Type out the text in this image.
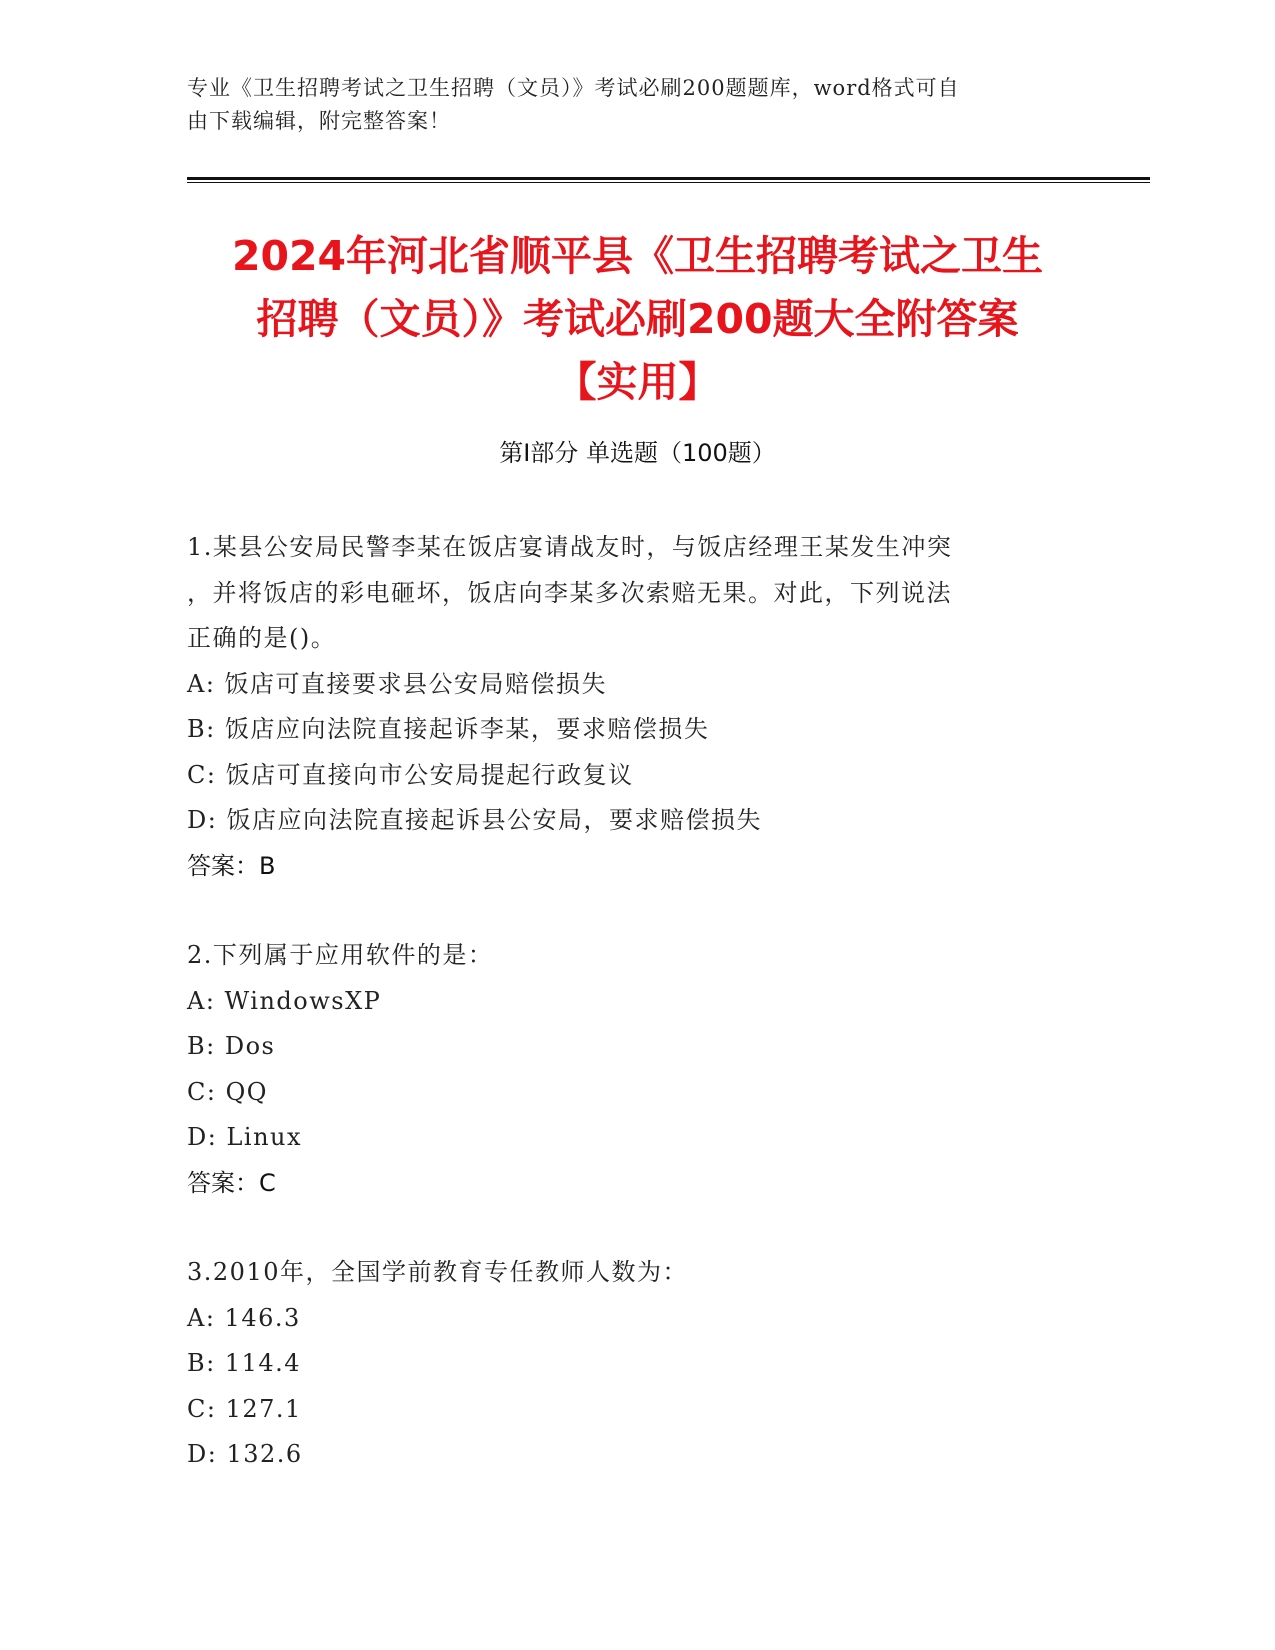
专业《卫生招聘考试之卫生招聘（文员）》考试必刷200题题库，word格式可自
由下载编辑，附完整答案！
2024年河北省顺平县《卫生招聘考试之卫生
招聘（文员）》考试必刷200题大全附答案
【实用】
第Ⅰ部分 单选题（100题）
1.某县公安局民警李某在饭店宴请战友时，与饭店经理王某发生冲突
，并将饭店的彩电砸坏，饭店向李某多次索赔无果。对此，下列说法
正确的是()。
A: 饭店可直接要求县公安局赔偿损失
B: 饭店应向法院直接起诉李某，要求赔偿损失
C: 饭店可直接向市公安局提起行政复议
D: 饭店应向法院直接起诉县公安局，要求赔偿损失
答案：B
2.下列属于应用软件的是：
A: WindowsXP
B: Dos
C: QQ
D: Linux
答案：C
3.2010年，全国学前教育专任教师人数为：
A: 146.3
B: 114.4
C: 127.1
D: 132.6
